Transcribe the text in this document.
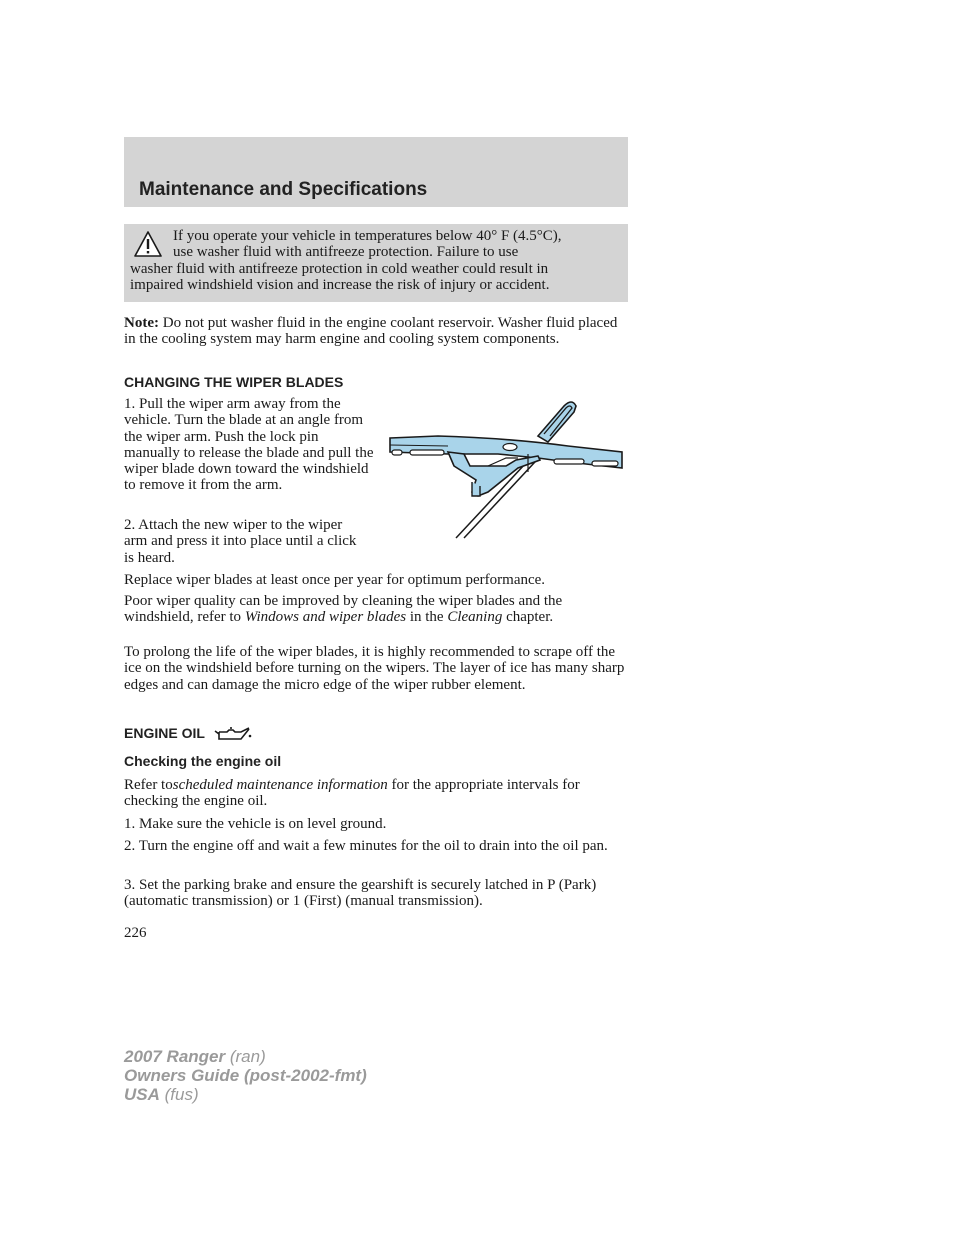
Maintenance and Specifications
If you operate your vehicle in temperatures below 40° F (4.5°C),
use washer fluid with antifreeze protection. Failure to use
washer fluid with antifreeze protection in cold weather could result in
impaired windshield vision and increase the risk of injury or accident.

Note: Do not put washer fluid in the engine coolant reservoir. Washer fluid placed in the cooling system may harm engine and cooling system components.

CHANGING THE WIPER BLADES

1. Pull the wiper arm away from the vehicle. Turn the blade at an angle from the wiper arm. Push the lock pin manually to release the blade and pull the wiper blade down toward the windshield to remove it from the arm.

2. Attach the new wiper to the wiper arm and press it into place until a click is heard.

Replace wiper blades at least once per year for optimum performance.

Poor wiper quality can be improved by cleaning the wiper blades and the windshield, refer to Windows and wiper blades in the Cleaning chapter.

To prolong the life of the wiper blades, it is highly recommended to scrape off the ice on the windshield before turning on the wipers. The layer of ice has many sharp edges and can damage the micro edge of the wiper rubber element.

ENGINE OIL
Checking the engine oil

Refer toscheduled maintenance information for the appropriate intervals for checking the engine oil.

1. Make sure the vehicle is on level ground.

2. Turn the engine off and wait a few minutes for the oil to drain into the oil pan.

3. Set the parking brake and ensure the gearshift is securely latched in P (Park) (automatic transmission) or 1 (First) (manual transmission).

226
2007 Ranger (ran)
Owners Guide (post-2002-fmt)
USA (fus)
